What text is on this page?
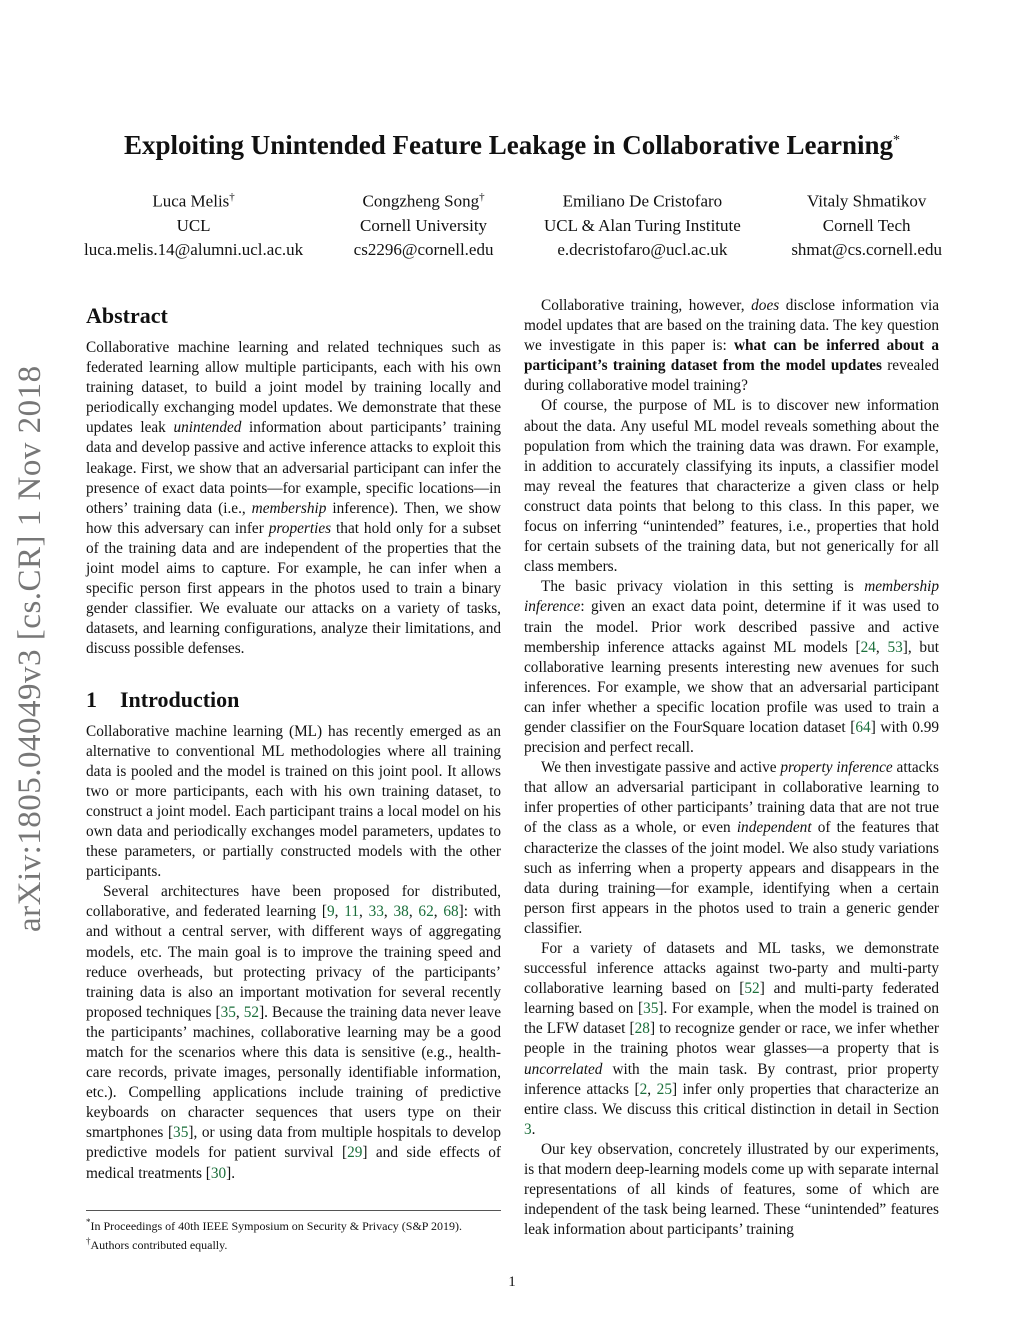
Exploiting Unintended Feature Leakage in Collaborative Learning*
Luca Melis†
UCL
luca.melis.14@alumni.ucl.ac.uk
Congzheng Song†
Cornell University
cs2296@cornell.edu
Emiliano De Cristofaro
UCL & Alan Turing Institute
e.decristofaro@ucl.ac.uk
Vitaly Shmatikov
Cornell Tech
shmat@cs.cornell.edu
arXiv:1805.04049v3 [cs.CR] 1 Nov 2018
Abstract

Collaborative machine learning and related techniques such as federated learning allow multiple participants, each with his own training dataset, to build a joint model by training locally and periodically exchanging model updates. We demonstrate that these updates leak unintended information about participants’ training data and develop passive and active inference attacks to exploit this leakage. First, we show that an adversarial participant can infer the presence of exact data points—for example, specific locations—in others’ training data (i.e., membership inference). Then, we show how this adversary can infer properties that hold only for a subset of the training data and are independent of the properties that the joint model aims to capture. For example, he can infer when a specific person first appears in the photos used to train a binary gender classifier. We evaluate our attacks on a variety of tasks, datasets, and learning configurations, analyze their limitations, and discuss possible defenses.

1 Introduction

Collaborative machine learning (ML) has recently emerged as an alternative to conventional ML methodologies where all training data is pooled and the model is trained on this joint pool. It allows two or more participants, each with his own training dataset, to construct a joint model. Each participant trains a local model on his own data and periodically exchanges model parameters, updates to these parameters, or partially constructed models with the other participants.

Several architectures have been proposed for distributed, collaborative, and federated learning [9, 11, 33, 38, 62, 68]: with and without a central server, with different ways of aggregating models, etc. The main goal is to improve the training speed and reduce overheads, but protecting privacy of the participants’ training data is also an important motivation for several recently proposed techniques [35, 52]. Because the training data never leave the participants’ machines, collaborative learning may be a good match for the scenarios where this data is sensitive (e.g., health-care records, private images, personally identifiable information, etc.). Compelling applications include training of predictive keyboards on character sequences that users type on their smartphones [35], or using data from multiple hospitals to develop predictive models for patient survival [29] and side effects of medical treatments [30].

Collaborative training, however, does disclose information via model updates that are based on the training data. The key question we investigate in this paper is: what can be inferred about a participant’s training dataset from the model updates revealed during collaborative model training?

Of course, the purpose of ML is to discover new information about the data. Any useful ML model reveals something about the population from which the training data was drawn. For example, in addition to accurately classifying its inputs, a classifier model may reveal the features that characterize a given class or help construct data points that belong to this class. In this paper, we focus on inferring “unintended” features, i.e., properties that hold for certain subsets of the training data, but not generically for all class members.

The basic privacy violation in this setting is membership inference: given an exact data point, determine if it was used to train the model. Prior work described passive and active membership inference attacks against ML models [24, 53], but collaborative learning presents interesting new avenues for such inferences. For example, we show that an adversarial participant can infer whether a specific location profile was used to train a gender classifier on the FourSquare location dataset [64] with 0.99 precision and perfect recall.

We then investigate passive and active property inference attacks that allow an adversarial participant in collaborative learning to infer properties of other participants’ training data that are not true of the class as a whole, or even independent of the features that characterize the classes of the joint model. We also study variations such as inferring when a property appears and disappears in the data during training—for example, identifying when a certain person first appears in the photos used to train a generic gender classifier.

For a variety of datasets and ML tasks, we demonstrate successful inference attacks against two-party and multi-party collaborative learning based on [52] and multi-party federated learning based on [35]. For example, when the model is trained on the LFW dataset [28] to recognize gender or race, we infer whether people in the training photos wear glasses—a property that is uncorrelated with the main task. By contrast, prior property inference attacks [2, 25] infer only properties that characterize an entire class. We discuss this critical distinction in detail in Section 3.

Our key observation, concretely illustrated by our experiments, is that modern deep-learning models come up with separate internal representations of all kinds of features, some of which are independent of the task being learned. These “unintended” features leak information about participants’ training

*In Proceedings of 40th IEEE Symposium on Security & Privacy (S&P 2019).
†Authors contributed equally.
1
